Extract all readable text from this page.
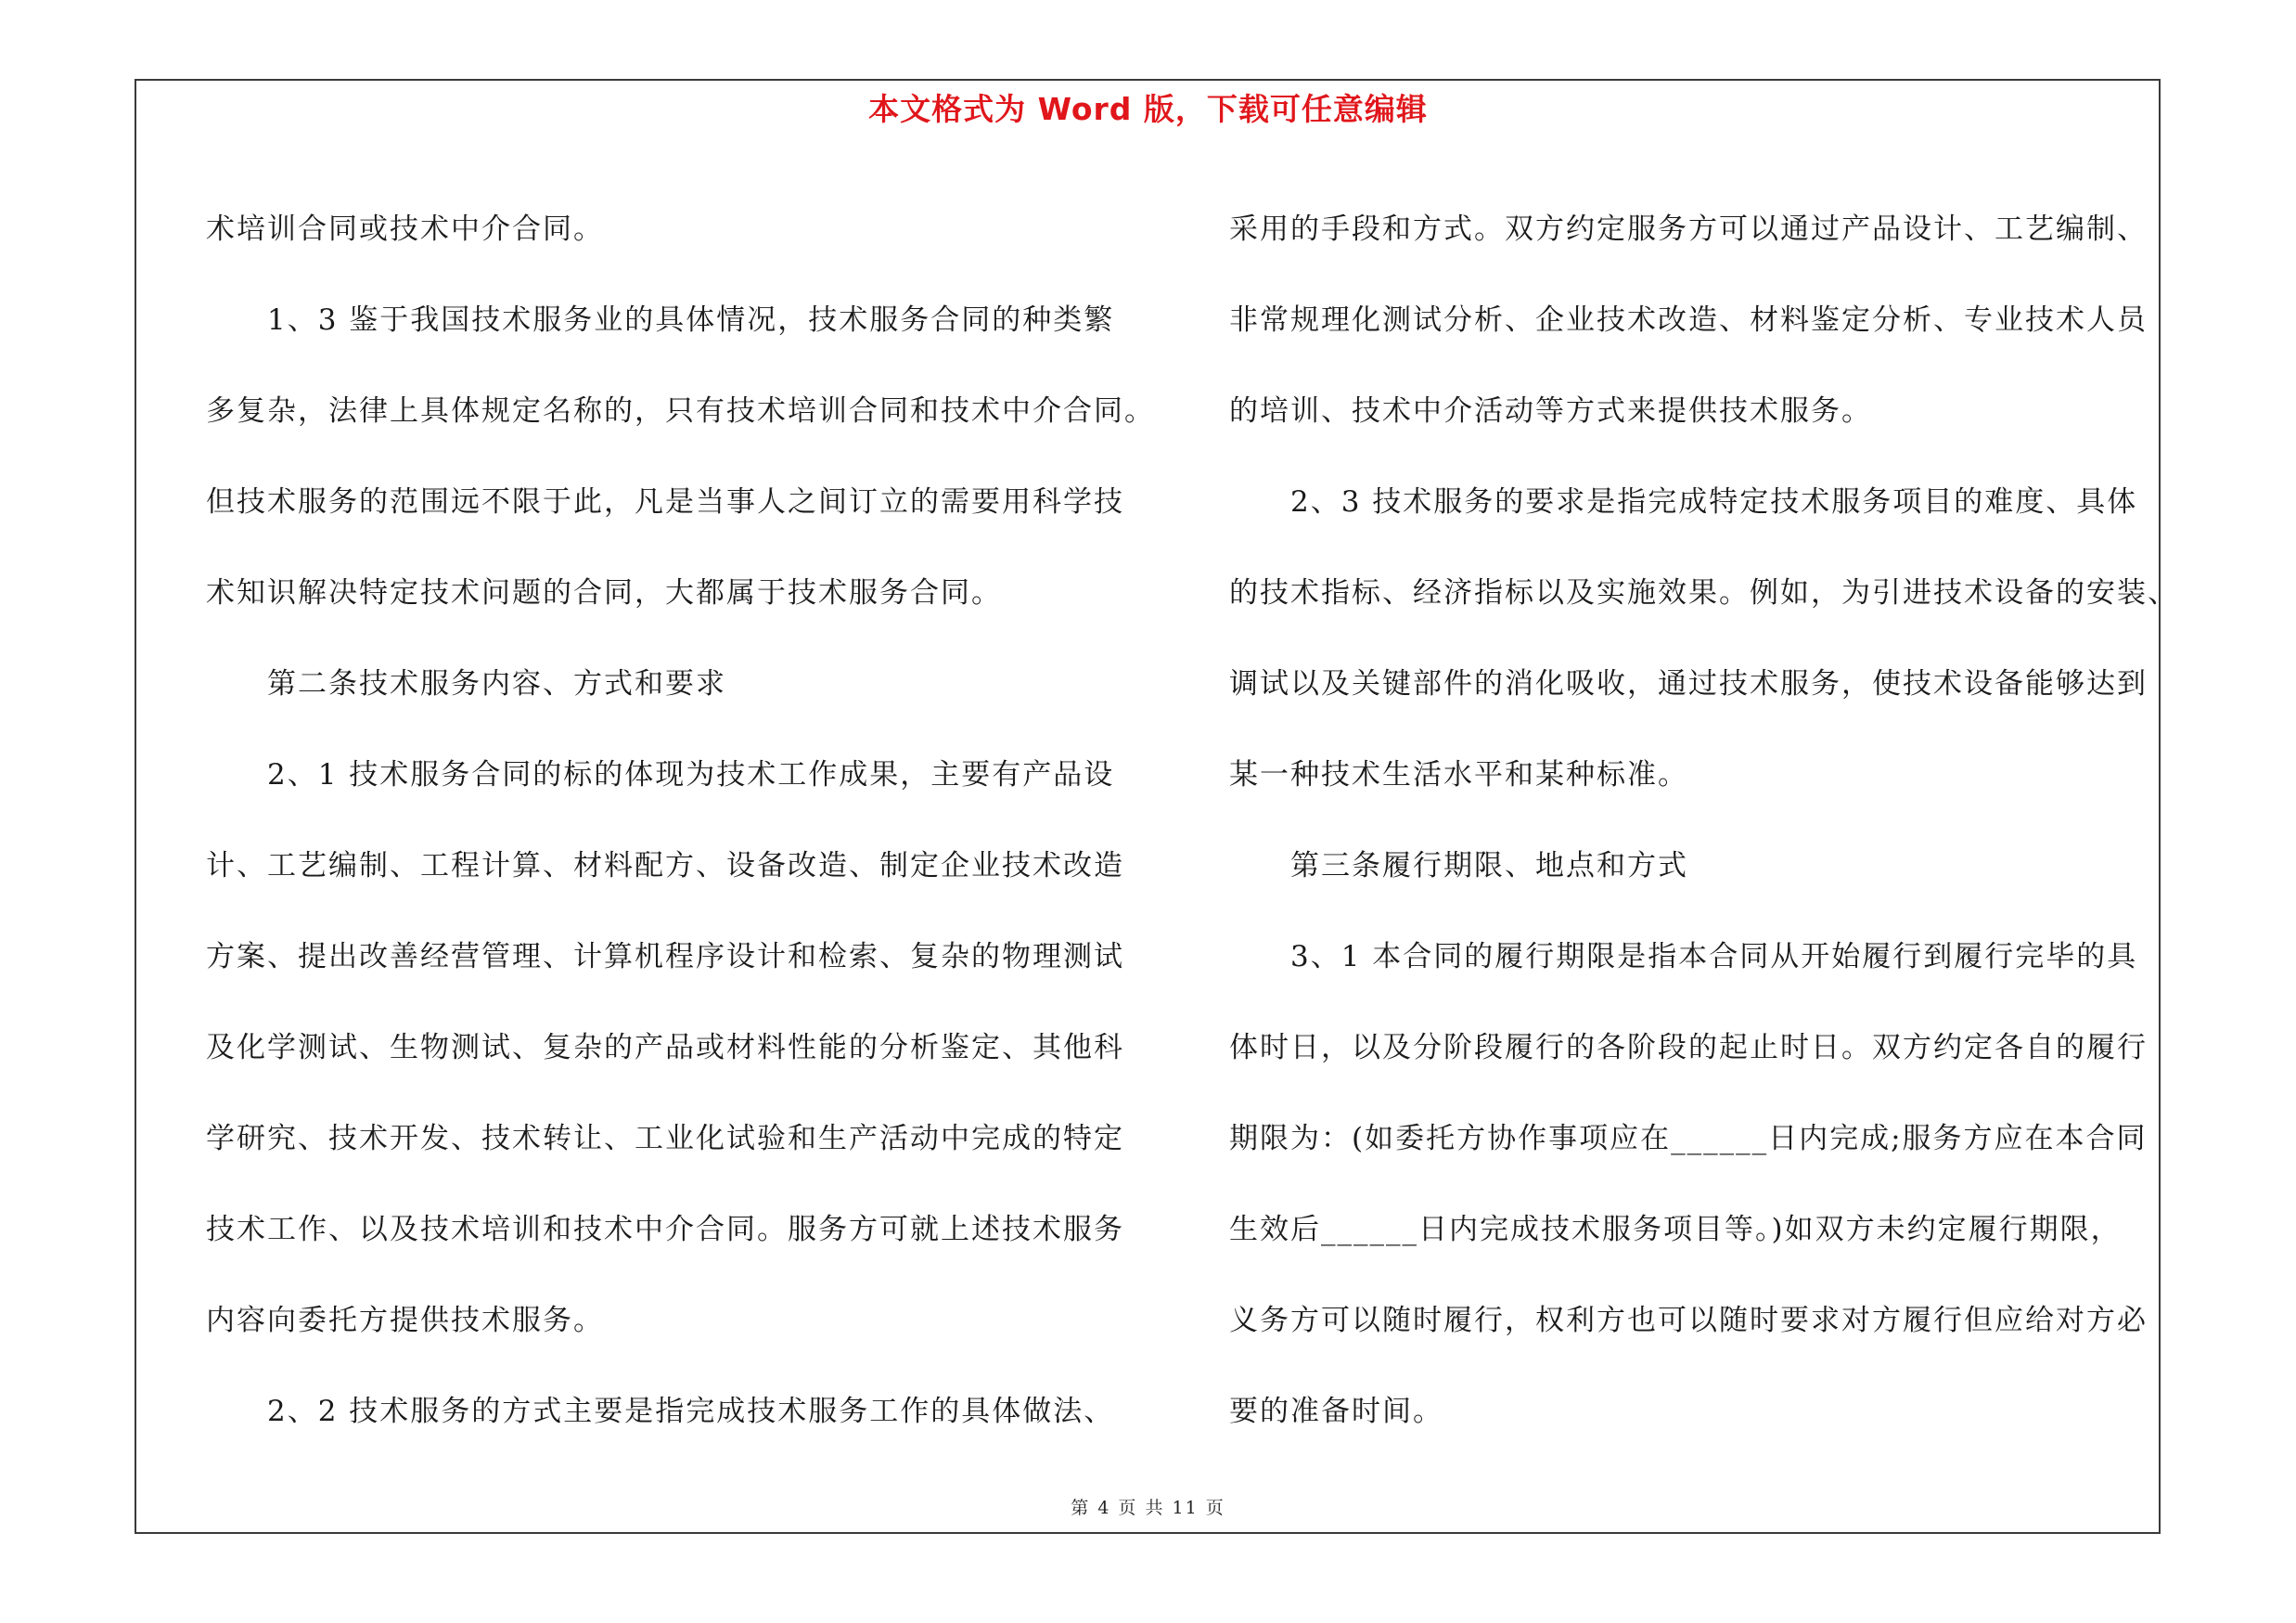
本文格式为 Word 版，下载可任意编辑
术培训合同或技术中介合同。
1、3 鉴于我国技术服务业的具体情况，技术服务合同的种类繁
多复杂，法律上具体规定名称的，只有技术培训合同和技术中介合同。
但技术服务的范围远不限于此，凡是当事人之间订立的需要用科学技
术知识解决特定技术问题的合同，大都属于技术服务合同。
第二条技术服务内容、方式和要求
2、1 技术服务合同的标的体现为技术工作成果，主要有产品设
计、工艺编制、工程计算、材料配方、设备改造、制定企业技术改造
方案、提出改善经营管理、计算机程序设计和检索、复杂的物理测试
及化学测试、生物测试、复杂的产品或材料性能的分析鉴定、其他科
学研究、技术开发、技术转让、工业化试验和生产活动中完成的特定
技术工作、以及技术培训和技术中介合同。服务方可就上述技术服务
内容向委托方提供技术服务。
2、2 技术服务的方式主要是指完成技术服务工作的具体做法、
采用的手段和方式。双方约定服务方可以通过产品设计、工艺编制、
非常规理化测试分析、企业技术改造、材料鉴定分析、专业技术人员
的培训、技术中介活动等方式来提供技术服务。
2、3 技术服务的要求是指完成特定技术服务项目的难度、具体
的技术指标、经济指标以及实施效果。例如，为引进技术设备的安装、
调试以及关键部件的消化吸收，通过技术服务，使技术设备能够达到
某一种技术生活水平和某种标准。
第三条履行期限、地点和方式
3、1 本合同的履行期限是指本合同从开始履行到履行完毕的具
体时日，以及分阶段履行的各阶段的起止时日。双方约定各自的履行
期限为：(如委托方协作事项应在______日内完成;服务方应在本合同
生效后______日内完成技术服务项目等。)如双方未约定履行期限，
义务方可以随时履行，权利方也可以随时要求对方履行但应给对方必
要的准备时间。
第 4 页 共 11 页
